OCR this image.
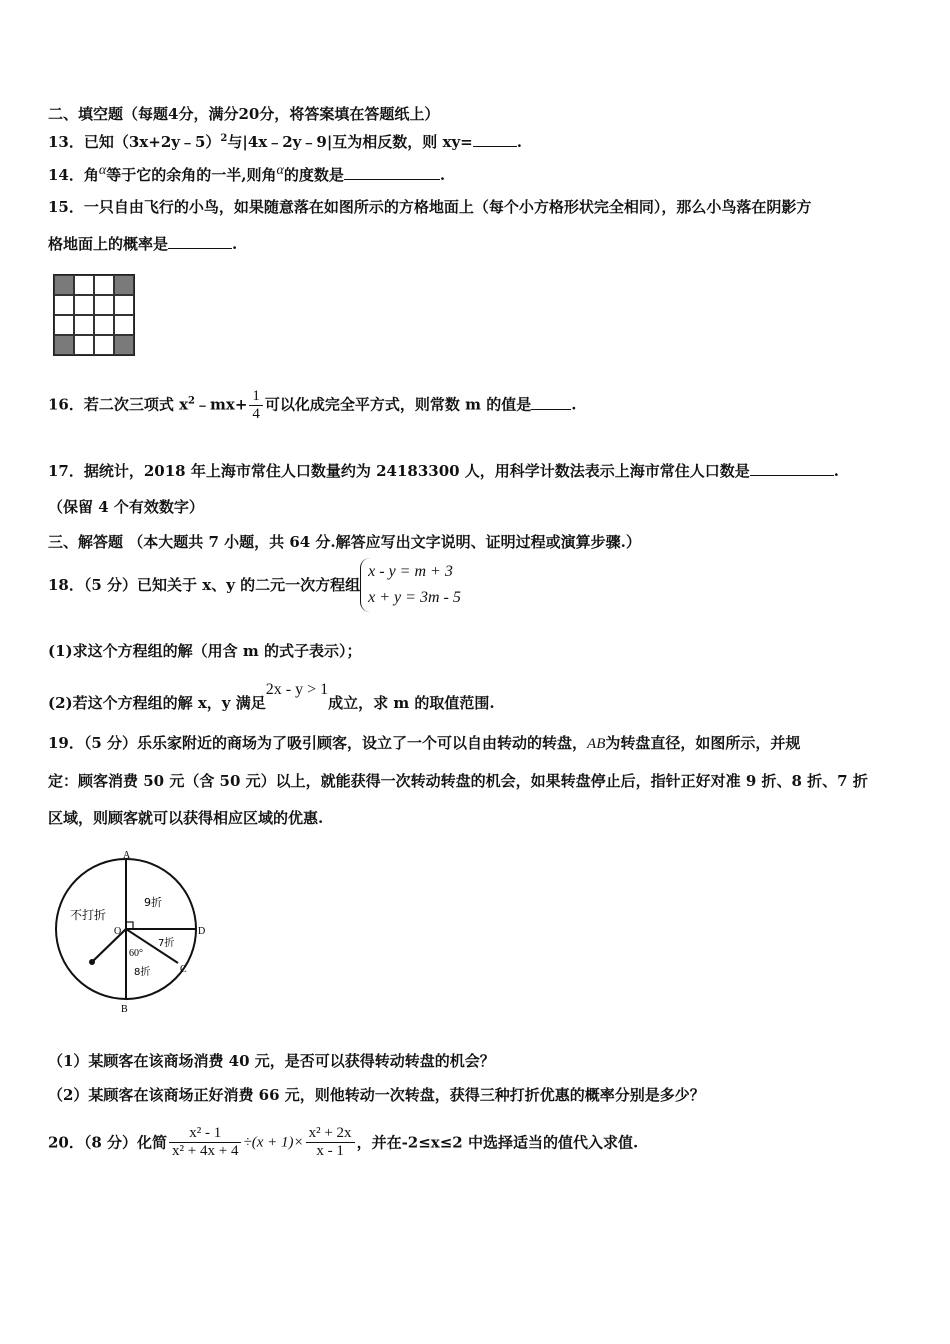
二、填空题（每题4分，满分20分，将答案填在答题纸上）
13．已知（3x+2y﹣5）$^2$与|4x﹣2y﹣9|互为相反数，则 xy=	.
14．角α等于它的余角的一半,则角α的度数是	.
15．一只自由飞行的小鸟，如果随意落在如图所示的方格地面上（每个小方格形状完全相同），那么小鸟落在阴影方
格地面上的概率是	.
16．若二次三项式 $x^2﹣mx+ \frac{1}{4}$ 可以化成完全平方式，则常数 m 的值是	.
17．据统计，2018 年上海市常住人口数量约为 24183300 人，用科学计数法表示上海市常住人口数是	.
（保留 4 个有效数字）
三、解答题 （本大题共 7 小题，共 64 分.解答应写出文字说明、证明过程或演算步骤.）
18．（5 分）已知关于 x、y 的二元一次方程组
x - y = m + 3
x + y = 3m - 5
(1)求这个方程组的解（用含 m 的式子表示）；
(2)若这个方程组的解 x，y 满足2x - y > 1成立，求 m 的取值范围.
19．（5 分）乐乐家附近的商场为了吸引顾客，设立了一个可以自由转动的转盘，AB为转盘直径，如图所示，并规
定：顾客消费 50 元（含 50 元）以上，就能获得一次转动转盘的机会，如果转盘停止后，指针正好对准 9 折、8 折、7 折
区域，则顾客就可以获得相应区域的优惠.
A
B
C
D
O
不打折
9折
7折
8折
60°
（1）某顾客在该商场消费 40 元，是否可以获得转动转盘的机会？
（2）某顾客在该商场正好消费 66 元，则他转动一次转盘，获得三种打折优惠的概率分别是多少？
20．（8 分）化简 $\frac{\text{x² - 1}}{\text{x² + 4x + 4}} \div(x + 1)\times \frac{\text{x² + 2x}}{x - 1}$ ，并在-2≤x≤2 中选择适当的值代入求值.
